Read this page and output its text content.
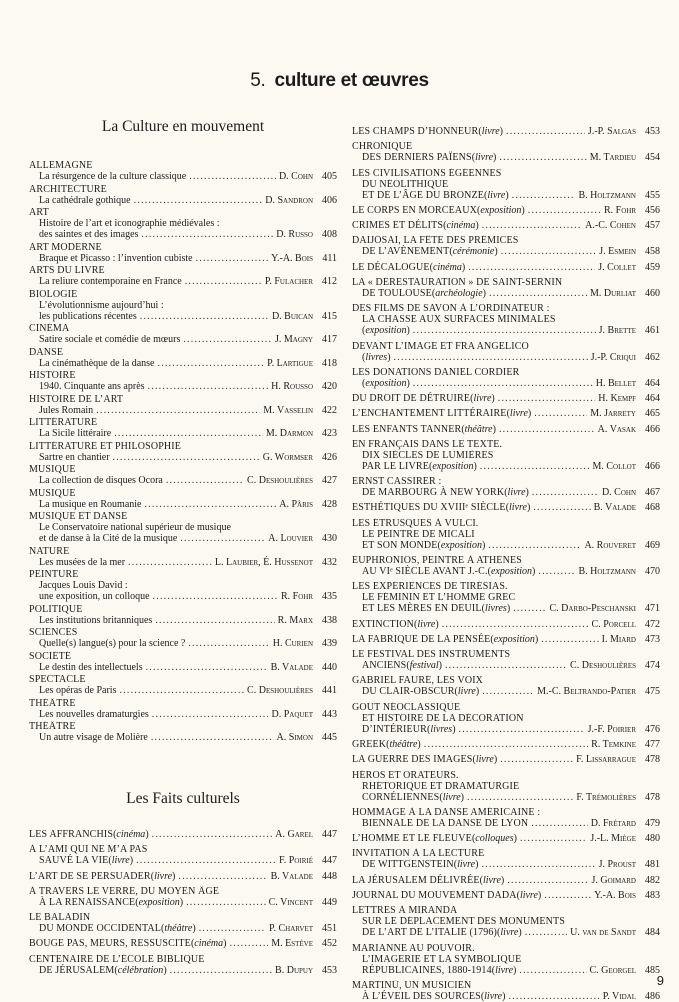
5. culture et œuvres
La Culture en mouvement
ALLEMAGNE
La résurgence de la culture classique .....	D. Cohn 405
ARCHITECTURE
La cathédrale gothique .....	D. Sandron 406
ART
Histoire de l’art et iconographie médiévales :
des saintes et des images .....	D. Russo 408
ART MODERNE
Braque et Picasso : l’invention cubiste .....	Y.-A. Bois 411
ARTS DU LIVRE
La reliure contemporaine en France .....	P. Fulacher 412
BIOLOGIE
L’évolutionnisme aujourd’hui :
les publications récentes .....	D. Buican 415
CINÉMA
Satire sociale et comédie de mœurs .....	J. Magny 417
DANSE
La cinémathèque de la danse .....	P. Lartigue 418
HISTOIRE
1940. Cinquante ans après .....	H. Rousso 420
HISTOIRE DE L’ART
Jules Romain .....	M. Vasselin 422
LITTÉRATURE
La Sicile littéraire .....	M. Darmon 423
LITTÉRATURE ET PHILOSOPHIE
Sartre en chantier .....	G. Wormser 426
MUSIQUE
La collection de disques Ocora .....	C. Deshoulières 427
MUSIQUE
La musique en Roumanie .....	A. Pâris 428
MUSIQUE ET DANSE
Le Conservatoire national supérieur de musique
et de danse à la Cité de la musique .....	A. Louvier 430
NATURE
Les musées de la mer .....	L. Laubier, É. Hussenot 432
PEINTURE
Jacques Louis David :
une exposition, un colloque .....	R. Fohr 435
POLITIQUE
Les institutions britanniques .....	R. Marx 438
SCIENCES
Quelle(s) langue(s) pour la science ? .....	H. Curien 439
SOCIÉTÉ
Le destin des intellectuels .....	B. Valade 440
SPECTACLE
Les opéras de Paris .....	C. Deshoulières 441
THÉÂTRE
Les nouvelles dramaturgies .....	D. Paquet 443
THÉÂTRE
Un autre visage de Molière .....	A. Simon 445
Les Faits culturels
LES AFFRANCHIS (cinéma) .....	A. Garel 447
À L’AMI QUI NE M’A PAS
SAUVÉ LA VIE (livre) .....	F. Poirié 447
L’ART DE SE PERSUADER (livre) .....	B. Valade 448
À TRAVERS LE VERRE, DU MOYEN ÂGE
À LA RENAISSANCE (exposition) .....	C. Vincent 449
LE BALADIN
DU MONDE OCCIDENTAL (théâtre) .....	P. Charvet 451
BOUGE PAS, MEURS, RESSUSCITE (cinéma) .....	M. Estève 452
CENTENAIRE DE L’ÉCOLE BIBLIQUE
DE JÉRUSALEM (célébration) .....	B. Dupuy 453
LES CHAMPS D’HONNEUR (livre) .....	J.-P. Salgas 453
CHRONIQUE
DES DERNIERS PAÏENS (livre) .....	M. Tardieu 454
LES CIVILISATIONS ÉGÉENNES
DU NÉOLITHIQUE
ET DE L’ÂGE DU BRONZE (livre) .....	B. Holtzmann 455
LE CORPS EN MORCEAUX (exposition) .....	R. Fohr 456
CRIMES ET DÉLITS (cinéma) .....	A.-C. Cohen 457
DAIJŌSAI, LA FÊTE DES PRÉMICES
DE L’AVÈNEMENT (cérémonie) .....	J. Esmein 458
LE DÉCALOGUE (cinéma) .....	J. Collet 459
LA « DÉRESTAURATION » DE SAINT-SERNIN
DE TOULOUSE (archéologie) .....	M. Durliat 460
DES FILMS DE SAVON À L’ORDINATEUR :
LA CHASSE AUX SURFACES MINIMALES
(exposition) .....	J. Brette 461
DEVANT L’IMAGE ET FRA ANGELICO
(livres) .....	J.-P. Criqui 462
LES DONATIONS DANIEL CORDIER
(exposition) .....	H. Bellet 464
DU DROIT DE DÉTRUIRE (livre) .....	H. Kempf 464
L’ENCHANTEMENT LITTÉRAIRE (livre) .....	M. Jarrety 465
LES ENFANTS TANNER (théâtre) .....	A. Vasak 466
EN FRANÇAIS DANS LE TEXTE.
DIX SIÈCLES DE LUMIÈRES
PAR LE LIVRE (exposition) .....	M. Collot 466
ERNST CASSIRER :
DE MARBOURG À NEW YORK (livre) .....	D. Cohn 467
ESTHÉTIQUES DU XVIIIᵉ SIÈCLE (livre) .....	B. Valade 468
LES ÉTRUSQUES À VULCI.
LE PEINTRE DE MICALI
ET SON MONDE (exposition) .....	A. Rouveret 469
EUPHRONIOS, PEINTRE À ATHÈNES
AU VIᵉ SIÈCLE AVANT J.-C. (exposition) .....	B. Holtzmann 470
LES EXPÉRIENCES DE TIRÉSIAS.
LE FÉMININ ET L’HOMME GREC
ET LES MÈRES EN DEUIL (livres) .....	C. Darbo-Peschanski 471
EXTINCTION (livre) .....	C. Porcell 472
LA FABRIQUE DE LA PENSÉE (exposition) .....	I. Miard 473
LE FESTIVAL DES INSTRUMENTS
ANCIENS (festival) .....	C. Deshoulières 474
GABRIEL FAURÉ, LES VOIX
DU CLAIR-OBSCUR (livre) .....	M.-C. Beltrando-Patier 475
GOÛT NÉOCLASSIQUE
ET HISTOIRE DE LA DÉCORATION
D’INTÉRIEUR (livres) .....	J.-F. Poirier 476
GREEK (théâtre) .....	R. Temkine 477
LA GUERRE DES IMAGES (livre) .....	F. Lissarrague 478
HÉROS ET ORATEURS.
RHÉTORIQUE ET DRAMATURGIE
CORNÉLIENNES (livre) .....	F. Trémolières 478
HOMMAGE À LA DANSE AMÉRICAINE :
BIENNALE DE LA DANSE DE LYON .....	D. Frétard 479
L’HOMME ET LE FLEUVE (colloques) .....	J.-L. Miège 480
INVITATION À LA LECTURE
DE WITTGENSTEIN (livre) .....	J. Proust 481
LA JÉRUSALEM DÉLIVRÉE (livre) .....	J. Goimard 482
JOURNAL DU MOUVEMENT DADA (livre) .....	Y.-A. Bois 483
LETTRES À MIRANDA
SUR LE DÉPLACEMENT DES MONUMENTS
DE L’ART DE L’ITALIE (1796) (livre) .....	U. van de Sandt 484
MARIANNE AU POUVOIR.
L’IMAGERIE ET LA SYMBOLIQUE
RÉPUBLICAINES, 1880-1914 (livre) .....	C. Georgel 485
MARTINŪ, UN MUSICIEN
À L’ÉVEIL DES SOURCES (livre) .....	P. Vidal 486
9
